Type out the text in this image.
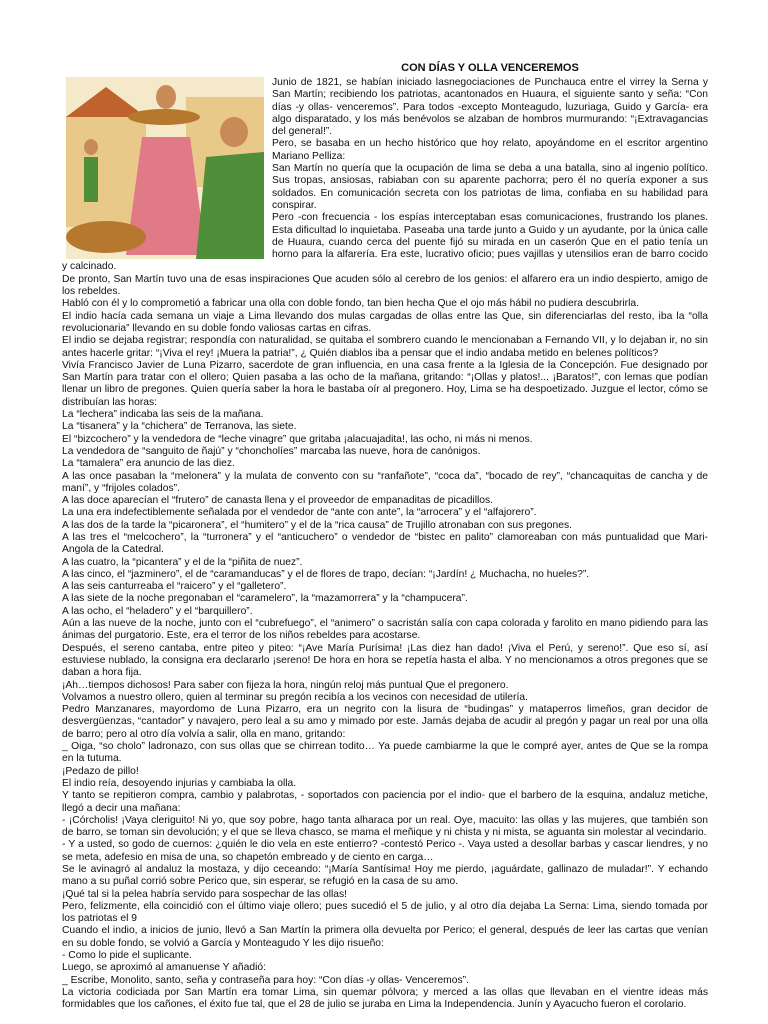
CON DÍAS Y OLLA VENCEREMOS

Junio de 1821, se habían iniciado lasnegociaciones de Punchauca entre el virrey la Serna y San Martín; recibiendo los patriotas, acantonados en Huaura, el siguiente santo y seña: “Con días -y ollas- venceremos”. Para todos -excepto Monteagudo, luzuriaga, Guido y García- era algo disparatado, y los más benévolos se alzaban de hombros murmurando: “¡Extravagancias del general!”.

Pero, se basaba en un hecho histórico que hoy relato, apoyándome en el escritor argentino Mariano Pelliza:

San Martín no quería que la ocupación de lima se deba a una batalla, sino al ingenio político. Sus tropas, ansiosas, rabiaban con su aparente pachorra; pero él no quería exponer a sus soldados. En comunicación secreta con los patriotas de lima, confiaba en su habilidad para conspirar.

Pero -con frecuencia - los espías interceptaban esas comunicaciones, frustrando los planes. Esta dificultad lo inquietaba. Paseaba una tarde junto a Guido y un ayudante, por la única calle de Huaura, cuando cerca del puente fijó su mirada en un caserón Que en el patio tenía un horno para la alfarería. Era este, lucrativo oficio; pues vajillas y utensilios eran de barro cocido y calcinado.

De pronto, San Martín tuvo una de esas inspiraciones Que acuden sólo al cerebro de los genios: el alfarero era un indio despierto, amigo de los rebeldes.

Habló con él y lo comprometió a fabricar una olla con doble fondo, tan bien hecha Que el ojo más hábil no pudiera descubrirla.

El indio hacía cada semana un viaje a Lima llevando dos mulas cargadas de ollas entre las Que, sin diferenciarlas del resto, iba la “olla revolucionaria” llevando en su doble fondo valiosas cartas en cifras.

El indio se dejaba registrar; respondía con naturalidad, se quitaba el sombrero cuando le mencionaban a Fernando VII, y lo dejaban ir, no sin antes hacerle gritar: “¡Viva el rey! ¡Muera la patria!”, ¿ Quién diablos iba a pensar que el indio andaba metido en belenes políticos?

Vivía Francisco Javier de Luna Pizarro, sacerdote de gran influencia, en una casa frente a la Iglesia de la Concepción. Fue designado por San Martín para tratar con el ollero; Quien pasaba a las ocho de la mañana, gritando: “¡Ollas y platos!... ¡Baratos!”, con lemas que podían llenar un libro de pregones. Quien quería saber la hora le bastaba oír al pregonero. Hoy, Lima se ha despoetizado. Juzgue el lector, cómo se distribuían las horas:

La “lechera” indicaba las seis de la mañana.

La “tisanera” y la “chichera” de Terranova, las siete.

El “bizcochero” y la vendedora de “leche vinagre” que gritaba ¡alacuajadita!, las ocho, ni más ni menos.

La vendedora de “sanguito de ñajú” y “choncholíes” marcaba las nueve, hora de canónigos.

La “tamalera” era anuncio de las diez.

A las once pasaban la “melonera” y la mulata de convento con su “ranfañote”, “coca da”, “bocado de rey”, “chancaquitas de cancha y de maní”, y “frijoles colados”.

A las doce aparecían el “frutero” de canasta llena y el proveedor de empanaditas de picadillos.

La una era indefectiblemente señalada por el vendedor de “ante con ante”, la “arrocera” y el “alfajorero”.

A las dos de la tarde la “picaronera”, el “humitero” y el de la “rica causa” de Trujillo atronaban con sus pregones.

A las tres el “melcochero”, la “turronera” y el “anticuchero” o vendedor de “bistec en palito” clamoreaban con más puntualidad que Mari-Angola de la Catedral.

A las cuatro, la “picantera” y el de la “piñita de nuez”.

A las cinco, el “jazminero”, el de “caramanducas” y el de flores de trapo, decían: “¡Jardín! ¿ Muchacha, no hueles?”.

A las seis canturreaba el “raicero” y el “galletero”.

A las siete de la noche pregonaban el “caramelero”, la “mazamorrera” y la “champucera”.

A las ocho, el “heladero” y el “barquillero”.

Aún a las nueve de la noche, junto con el “cubrefuego”, el “animero” o sacristán salía con capa colorada y farolito en mano pidiendo para las ánimas del purgatorio. Este, era el terror de los niños rebeldes para acostarse.

Después, el sereno cantaba, entre piteo y piteo: “¡Ave María Purísima! ¡Las diez han dado! ¡Viva el Perú, y sereno!”. Que eso sí, así estuviese nublado, la consigna era declararlo ¡sereno! De hora en hora se repetía hasta el alba. Y no mencionamos a otros pregones que se daban a hora fija.

¡Ah…tiempos dichosos! Para saber con fijeza la hora, ningún reloj más puntual Que el pregonero.

Volvamos a nuestro ollero, quien al terminar su pregón recibía a los vecinos con necesidad de utilería.

Pedro Manzanares, mayordomo de Luna Pizarro, era un negrito con la lisura de “budingas” y mataperros limeños, gran decidor de desvergüenzas, “cantador” y navajero, pero leal a su amo y mimado por este. Jamás dejaba de acudir al pregón y pagar un real por una olla de barro; pero al otro día volvía a salir, olla en mano, gritando:

_ Oiga, “so cholo” ladronazo, con sus ollas que se chirrean todito… Ya puede cambiarme la que le compré ayer, antes de Que se la rompa en la tutuma.

¡Pedazo de pillo!

El indio reía, desoyendo injurias y cambiaba la olla.

Y tanto se repitieron compra, cambio y palabrotas, - soportados con paciencia por el indio- que el barbero de la esquina, andaluz metiche, llegó a decir una mañana:

- ¡Córcholis! ¡Vaya cleriguito! Ni yo, que soy pobre, hago tanta alharaca por un real. Oye, macuito: las ollas y las mujeres, que también son de barro, se toman sin devolución; y el que se lleva chasco, se mama el meñique y ni chista y ni mista, se aguanta sin molestar al vecindario.

- Y a usted, so godo de cuernos: ¿quién le dio vela en este entierro? -contestó Perico -. Vaya usted a desollar barbas y cascar liendres, y no se meta, adefesio en misa de una, so chapetón embreado y de ciento en carga…

Se le avinagró al andaluz la mostaza, y dijo ceceando: “¡María Santísima! Hoy me pierdo, ¡aguárdate, gallinazo de muladar!”. Y echando mano a su puñal corrió sobre Perico que, sin esperar, se refugió en la casa de su amo.

¡Qué tal si la pelea habría servido para sospechar de las ollas!

Pero, felizmente, ella coincidió con el último viaje ollero; pues sucedió el 5 de julio, y al otro día dejaba La Serna: Lima, siendo tomada por los patriotas el 9

Cuando el indio, a inicios de junio, llevó a San Martín la primera olla devuelta por Perico; el general, después de leer las cartas que venían en su doble fondo, se volvió a García y Monteagudo Y les dijo risueño:

- Como lo pide el suplicante.

Luego, se aproximó al amanuense Y añadió:

_ Escribe, Monolito, santo, seña y contraseña para hoy: “Con días -y ollas- Venceremos”.

La victoria codiciada por San Martín era tomar Lima, sin quemar pólvora; y merced a las ollas que llevaban en el vientre ideas más formidables que los cañones, el éxito fue tal, que el 28 de julio se juraba en Lima la Independencia. Junín y Ayacucho fueron el corolario.
